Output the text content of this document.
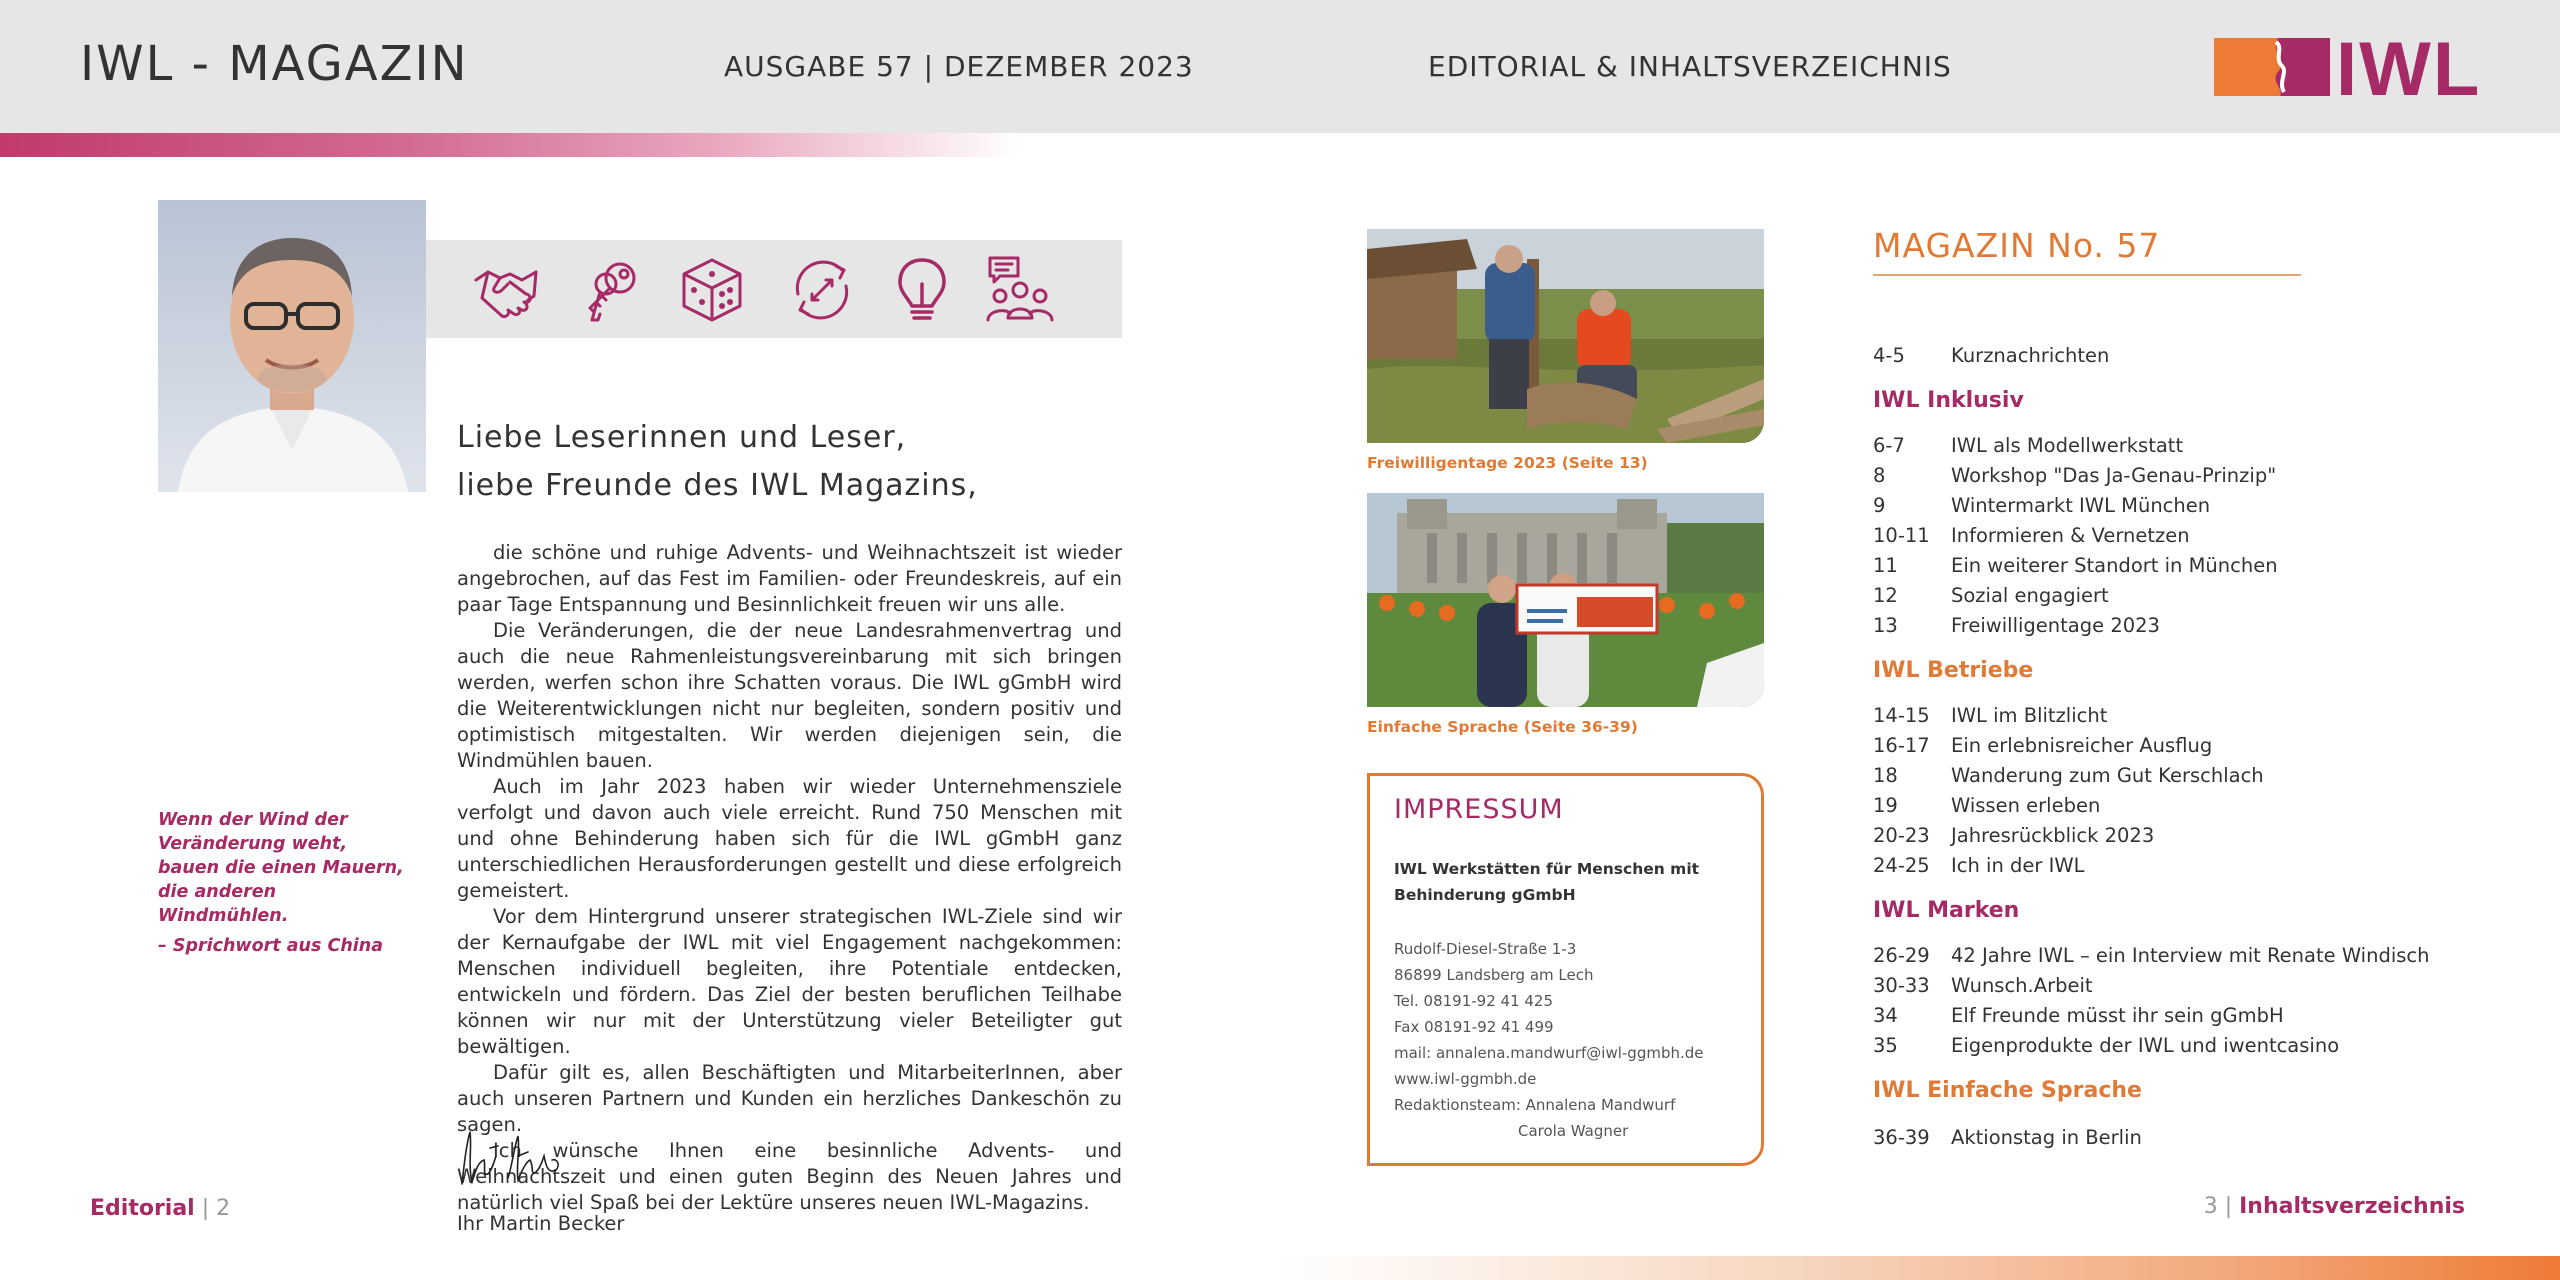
IWL - MAGAZIN	AUSGABE 57 | DEZEMBER 2023	EDITORIAL & INHALTSVERZEICHNIS	IWL
Liebe Leserinnen und Leser,
liebe Freunde des IWL Magazins,

die schöne und ruhige Advents- und Weihnachtszeit ist wieder angebrochen, auf das Fest im Familien- oder Freundeskreis, auf ein paar Tage Entspannung und Besinnlichkeit freuen wir uns alle.

Die Veränderungen, die der neue Landesrahmenvertrag und auch die neue Rahmenleistungsvereinbarung mit sich bringen werden, werfen schon ihre Schatten voraus. Die IWL gGmbH wird die Weiterentwicklungen nicht nur begleiten, sondern positiv und optimistisch mitgestalten. Wir werden diejenigen sein, die Windmühlen bauen.

Auch im Jahr 2023 haben wir wieder Unternehmensziele verfolgt und davon auch viele erreicht. Rund 750 Menschen mit und ohne Behinderung haben sich für die IWL gGmbH ganz unterschiedlichen Herausforderungen gestellt und diese erfolgreich gemeistert.

Vor dem Hintergrund unserer strategischen IWL-Ziele sind wir der Kernaufgabe der IWL mit viel Engagement nachgekommen: Menschen individuell begleiten, ihre Potentiale entdecken, entwickeln und fördern. Das Ziel der besten beruflichen Teilhabe können wir nur mit der Unterstützung vieler Beteiligter gut bewältigen.

Dafür gilt es, allen Beschäftigten und MitarbeiterInnen, aber auch unseren Partnern und Kunden ein herzliches Dankeschön zu sagen.

Ich wünsche Ihnen eine besinnliche Advents- und Weihnachtszeit und einen guten Beginn des Neuen Jahres und natürlich viel Spaß bei der Lektüre unseres neuen IWL-Magazins.

Wenn der Wind der Veränderung weht, bauen die einen Mauern, die anderen Windmühlen.
– Sprichwort aus China
Ihr Martin Becker
Freiwilligentage 2023 (Seite 13)
Einfache Sprache (Seite 36-39)
IMPRESSUM
IWL Werkstätten für Menschen mit Behinderung gGmbH
Rudolf-Diesel-Straße 1-3
86899 Landsberg am Lech
Tel. 08191-92 41 425
Fax 08191-92 41 499
mail: annalena.mandwurf@iwl-ggmbh.de
www.iwl-ggmbh.de
Redaktionsteam: Annalena Mandwurf
Carola Wagner
MAGAZIN No. 57
4-5 Kurznachrichten
IWL Inklusiv
6-7 IWL als Modellwerkstatt
8	Workshop "Das Ja-Genau-Prinzip"
9	Wintermarkt IWL München
10-11 Informieren & Vernetzen
11	Ein weiterer Standort in München
12	Sozial engagiert
13	Freiwilligentage 2023
IWL Betriebe
14-15 IWL im Blitzlicht
16-17 Ein erlebnisreicher Ausflug
18	Wanderung zum Gut Kerschlach
19	Wissen erleben
20-23 Jahresrückblick 2023
24-25 Ich in der IWL
IWL Marken
26-29 42 Jahre IWL – ein Interview mit Renate Windisch
30-33 Wunsch.Arbeit
34	Elf Freunde müsst ihr sein gGmbH
35	Eigenprodukte der IWL und iwentcasino
IWL Einfache Sprache
36-39 Aktionstag in Berlin
Editorial | 2	3 | Inhaltsverzeichnis
